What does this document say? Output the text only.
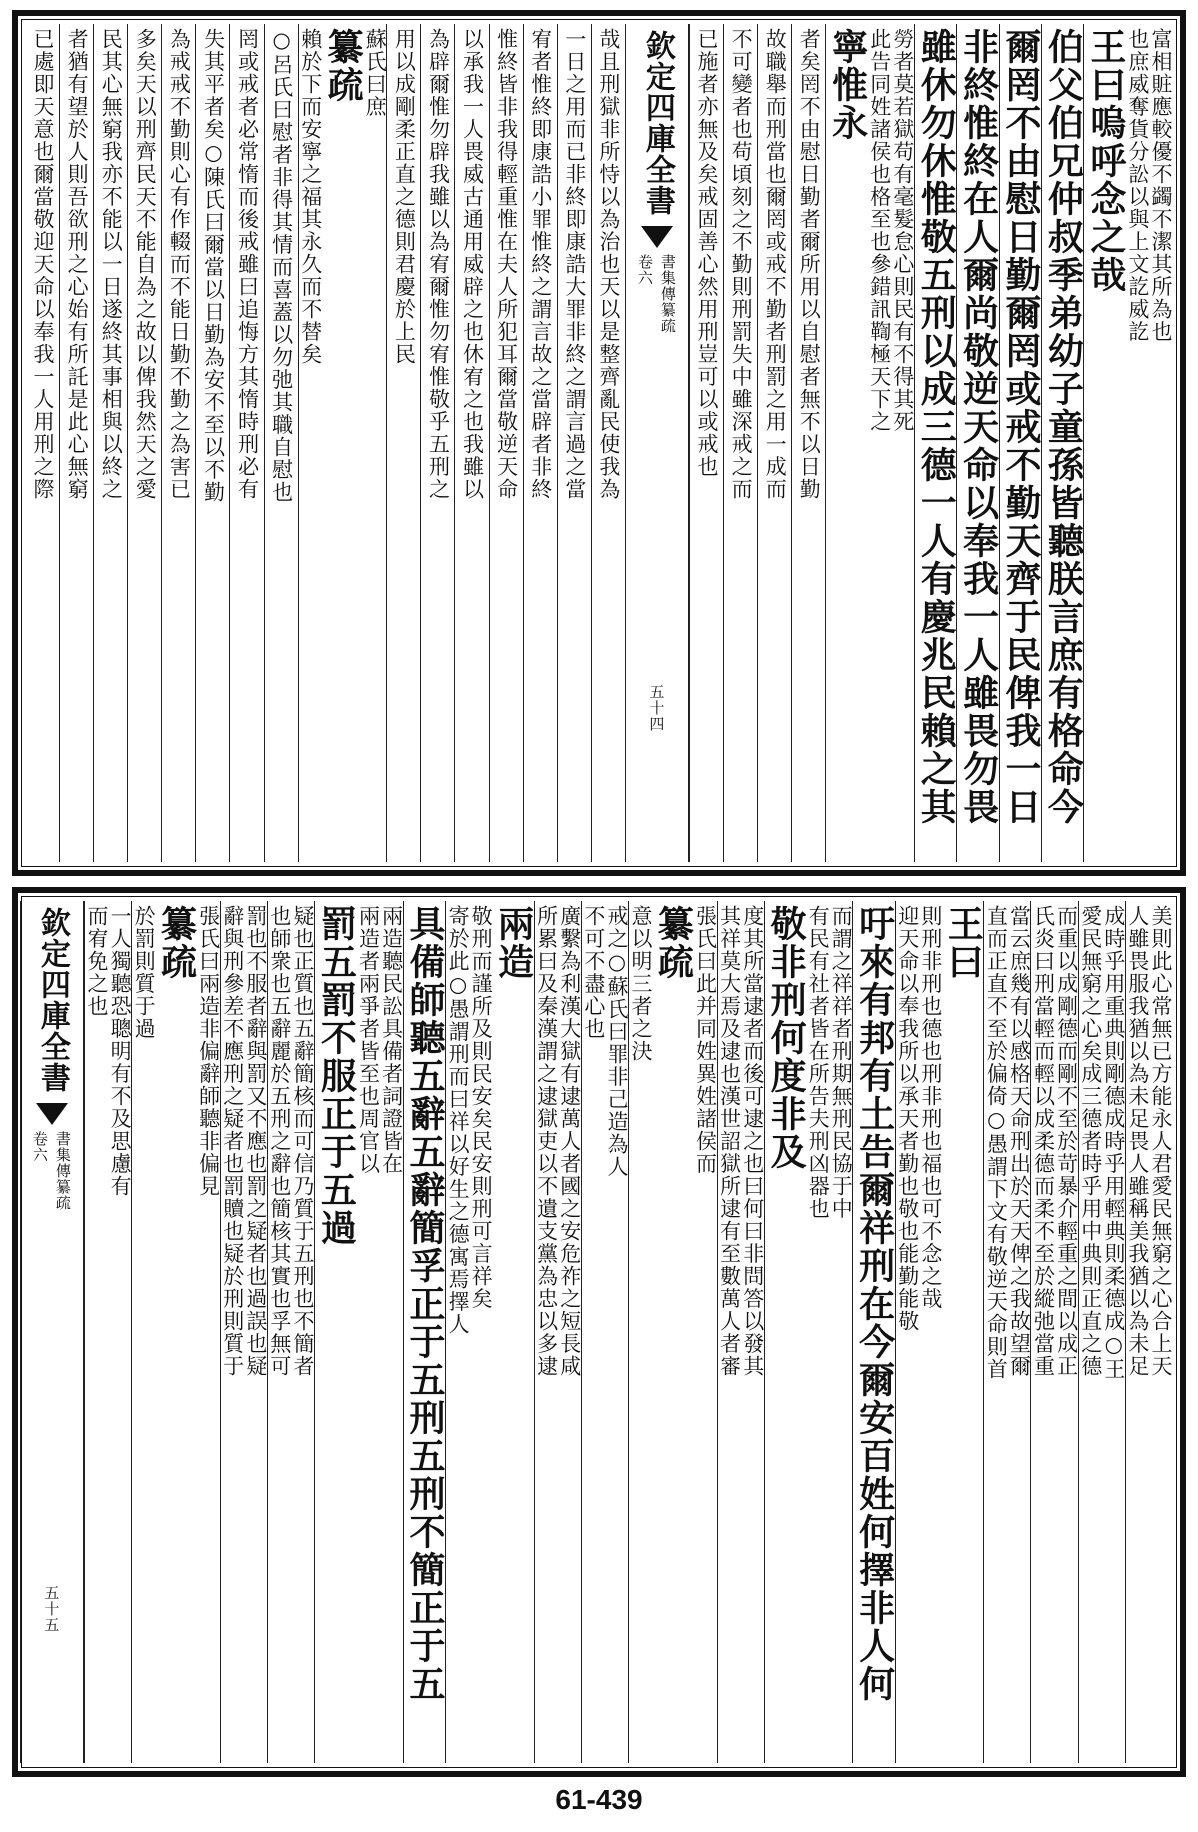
王曰嗚呼念之哉 也庶威奪貨分訟以與上文訖威訖 富相賍應較優不蠲不潔其所為也
伯父伯兄仲叔季弟幼子童孫皆聽朕言庶有格命今
爾罔不由慰日勤爾罔或戒不勤天齊于民俾我一日
非終惟終在人爾尚敬逆天命以奉我一人雖畏勿畏
雖休勿休惟敬五刑以成三德一人有慶兆民賴之其
寧惟永 此告同姓諸侯也格至也參錯訊鞫極天下之 勞者莫若獄苟有毫髮怠心則民有不得其死
者矣罔不由慰日勤者爾所用以自慰者無不以日勤
故職舉而刑當也爾罔或戒不勤者刑罰之用一成而
不可變者也苟頃刻之不勤則刑罰失中雖深戒之而
已施者亦無及矣戒固善心然用刑豈可以或戒也
欽定四庫全書
書集傳纂疏
卷六
五十四
哉且刑獄非所恃以為治也天以是整齊亂民使我為
一日之用而已非終即康誥大罪非終之謂言過之當
宥者惟終即康誥小罪惟終之謂言故之當辟者非終
惟終皆非我得輕重惟在夫人所犯耳爾當敬逆天命
以承我一人畏威古通用威辟之也休宥之也我雖以
為辟爾惟勿辟我雖以為宥爾惟勿宥惟敬乎五刑之
用以成剛柔正直之德則君慶於上民
賴於下而安寧之福其永久而不替矣 纂疏 蘇氏曰庶
○呂氏曰慰者非得其情而喜蓋以勿弛其職自慰也
罔或戒者必常惰而後戒雖曰追悔方其惰時刑必有
失其平者矣○陳氏曰爾當以日勤為安不至以不勤
為戒戒不勤則心有作輟而不能日勤不勤之為害已
多矣天以刑齊民天不能自為之故以俾我然天之愛
民其心無窮我亦不能以一日遂終其事相與以終之
者猶有望於人則吾欲刑之心始有所託是此心無窮
已處即天意也爾當敬迎天命以奉我一人用刑之際
人雖畏服我猶以為未足畏人雖稱美我猶以為未足 美則此心常無已方能永人君愛民無窮之心合上天
愛民無窮之心矣成三德者時乎用中典則正直之德 成時乎用重典則剛德成時乎用輕典則柔德成○王
氏炎曰刑當輕而輕以成柔德而柔不至於縱弛當重 而重以成剛德而剛不至於苛暴介輕重之間以成正
直而正直不至於偏倚○愚謂下文有敬逆天命則首 當云庶幾有以感格天命刑出於天天俾之我故望爾
迎天命以奉我所以承天者勤也敬也能勤能敬 則刑非刑也德也刑非刑也福也可不念之哉 王曰
吁來有邦有土告爾祥刑在今爾安百姓何擇非人何
敬非刑何度非及 有民有社者皆在所告夫刑凶器也 而謂之祥祥者刑期無刑民協于中
其祥莫大焉及逮也漢世詔獄所逮有至數萬人者審 度其所當逮者而後可逮之也曰何曰非問答以發其
意以明三者之決 纂疏 張氏曰此并同姓異姓諸侯而
不可不盡心也 戒之○蘇氏曰罪非己造為人
所累曰及秦漢謂之逮獄吏以不遺支黨為忠以多逮 廣繫為利漢大獄有逮萬人者國之安危祚之短長咸
寄於此○愚謂刑而曰祥以好生之德寓焉擇人 敬刑而謹所及則民安矣民安則刑可言祥矣 兩造
具備師聽五辭五辭簡孚正于五刑五刑不簡正于五
罰五罰不服正于五過 兩造者兩爭者皆至也周官以 兩造聽民訟具備者詞證皆在
也師衆也五辭麗於五刑之辭也簡核其實也孚無可 疑也正質也五辭簡核而可信乃質于五刑也不簡者
辭與刑參差不應刑之疑者也罰贖也疑於刑則質于 罰也不服者辭與罰又不應也罰之疑者也過誤也疑
於罰則質于過 纂疏 張氏曰兩造非偏辭師聽非偏見
而宥免之也 一人獨聽恐聰明有不及思慮有
欽定四庫全書
書集傳纂疏
卷六
五十五
61-439
